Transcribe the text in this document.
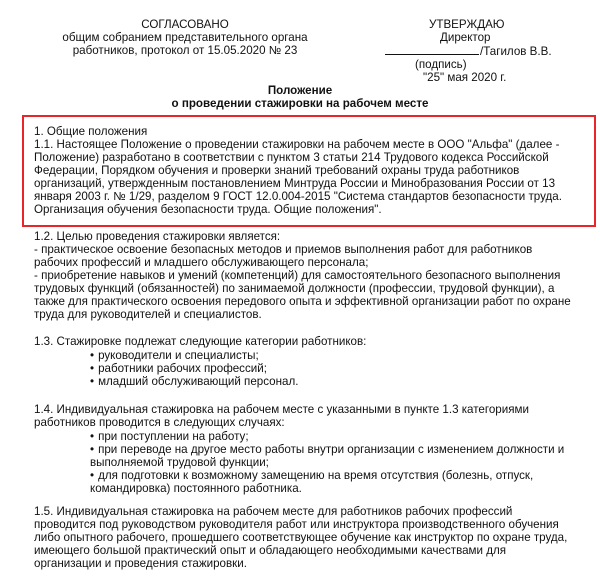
СОГЛАСОВАНО
общим собранием представительного органа
работников, протокол от 15.05.2020 № 23
УТВЕРЖДАЮ
Директор
/Тагилов В.В.
(подпись)
"25" мая 2020 г.
Положение
о проведении стажировки на рабочем месте
1. Общие положения
1.1. Настоящее Положение о проведении стажировки на рабочем месте в ООО "Альфа" (далее -
Положение) разработано в соответствии с пунктом 3 статьи 214 Трудового кодекса Российской
Федерации, Порядком обучения и проверки знаний требований охраны труда работников
организаций, утвержденным постановлением Минтруда России и Минобразования России от 13
января 2003 г. № 1/29, разделом 9 ГОСТ 12.0.004-2015 "Система стандартов безопасности труда.
Организация обучения безопасности труда. Общие положения".
1.2. Целью проведения стажировки является:
- практическое освоение безопасных методов и приемов выполнения работ для работников
рабочих профессий и младшего обслуживающего персонала;
- приобретение навыков и умений (компетенций) для самостоятельного безопасного выполнения
трудовых функций (обязанностей) по занимаемой должности (профессии, трудовой функции), а
также для практического освоения передового опыта и эффективной организации работ по охране
труда для руководителей и специалистов.
1.3. Стажировке подлежат следующие категории работников:
• руководители и специалисты;
• работники рабочих профессий;
• младший обслуживающий персонал.
1.4. Индивидуальная стажировка на рабочем месте с указанными в пункте 1.3 категориями
работников проводится в следующих случаях:
• при поступлении на работу;
• при переводе на другое место работы внутри организации с изменением должности и
выполняемой трудовой функции;
• для подготовки к возможному замещению на время отсутствия (болезнь, отпуск,
командировка) постоянного работника.
1.5. Индивидуальная стажировка на рабочем месте для работников рабочих профессий
проводится под руководством руководителя работ или инструктора производственного обучения
либо опытного рабочего, прошедшего соответствующее обучение как инструктор по охране труда,
имеющего большой практический опыт и обладающего необходимыми качествами для
организации и проведения стажировки.
